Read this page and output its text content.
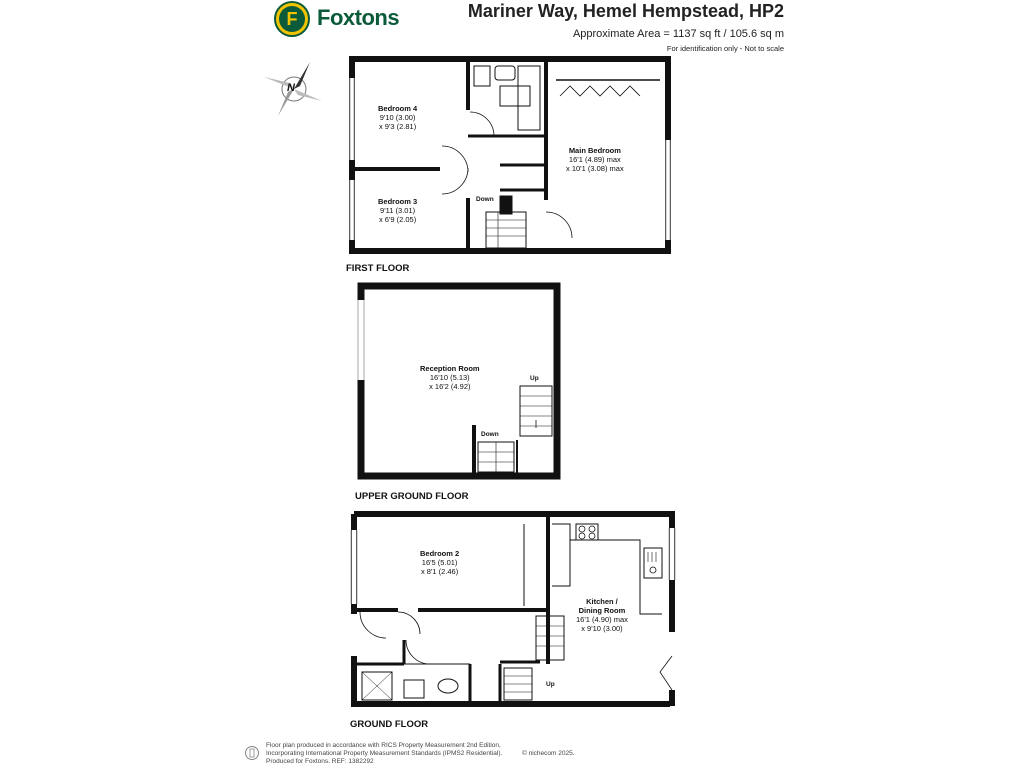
F Foxtons	Mariner Way, Hemel Hempstead, HP2
Approximate Area = 1137 sq ft / 105.6 sq m
For identification only - Not to scale
Bedroom 4
9'10 (3.00)
x 9'3 (2.81)
Bedroom 3
9'11 (3.01)
x 6'9 (2.05)
Main Bedroom
16'1 (4.89) max
x 10'1 (3.08) max
Down
FIRST FLOOR
Reception Room
16'10 (5.13)
x 16'2 (4.92)
Up
Down
UPPER GROUND FLOOR
Bedroom 2
16'5 (5.01)
x 8'1 (2.46)
Kitchen /
Dining Room
16'1 (4.90) max
x 9'10 (3.00)
Up
GROUND FLOOR
N
Floor plan produced in accordance with RICS Property Measurement 2nd Edition,
Incorporating International Property Measurement Standards (IPMS2 Residential).
Produced for Foxtons. REF: 1382292
© nichecom 2025.
